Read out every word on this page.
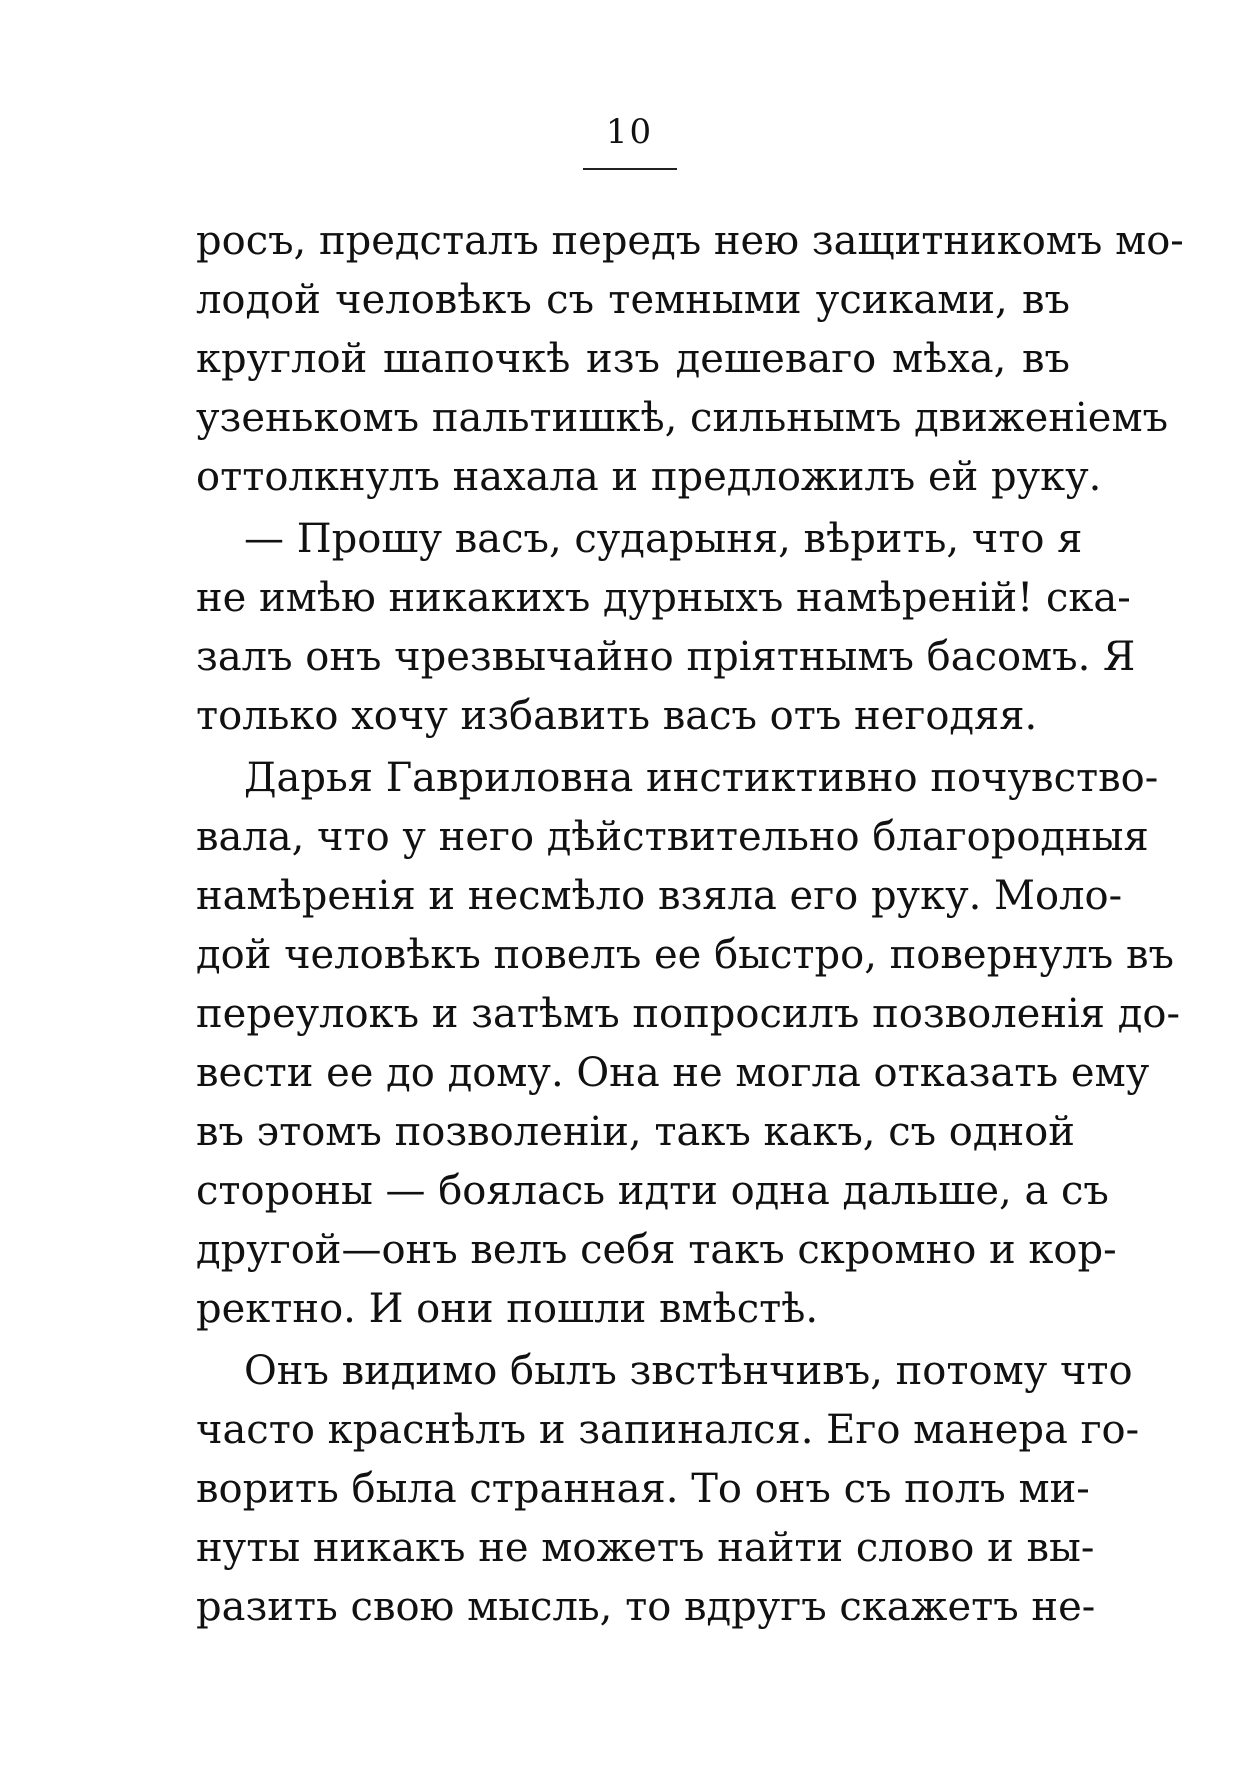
10
росъ, предсталъ передъ нею защитникомъ мо-
лодой человѣкъ съ темными усиками, въ
круглой шапочкѣ изъ дешеваго мѣха, въ
узенькомъ пальтишкѣ, сильнымъ движеніемъ
оттолкнулъ нахала и предложилъ ей руку.
— Прошу васъ, сударыня, вѣрить, что я
не имѣю никакихъ дурныхъ намѣреній! ска-
залъ онъ чрезвычайно пріятнымъ басомъ. Я
только хочу избавить васъ отъ негодяя.
Дарья Гавриловна инстиктивно почувство-
вала, что у него дѣйствительно благородныя
намѣренія и несмѣло взяла его руку. Моло-
дой человѣкъ повелъ ее быстро, повернулъ въ
переулокъ и затѣмъ попросилъ позволенія до-
вести ее до дому. Она не могла отказать ему
въ этомъ позволеніи, такъ какъ, съ одной
стороны — боялась идти одна дальше, а съ
другой—онъ велъ себя такъ скромно и кор-
ректно. И они пошли вмѣстѣ.
Онъ видимо былъ звстѣнчивъ, потому что
часто краснѣлъ и запинался. Его манера го-
ворить была странная. То онъ съ полъ ми-
нуты никакъ не можетъ найти слово и вы-
разить свою мысль, то вдругъ скажетъ не-
